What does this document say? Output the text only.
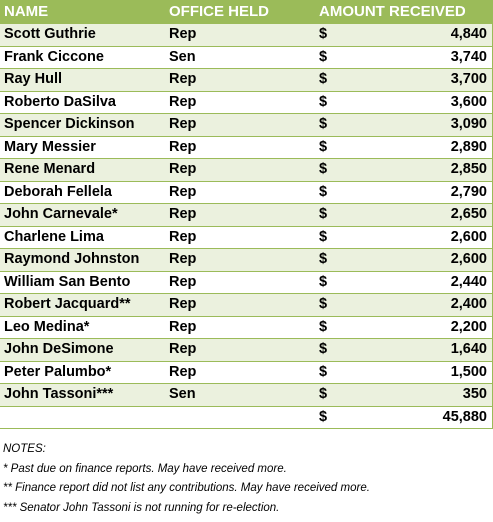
NAME	OFFICE HELD	AMOUNT RECEIVED	
Scott Guthrie	Rep	$	4,840
Frank Ciccone	Sen	$	3,740
Ray Hull	Rep	$	3,700
Roberto DaSilva	Rep	$	3,600
Spencer Dickinson	Rep	$	3,090
Mary Messier	Rep	$	2,890
Rene Menard	Rep	$	2,850
Deborah Fellela	Rep	$	2,790
John Carnevale*	Rep	$	2,650
Charlene Lima	Rep	$	2,600
Raymond Johnston	Rep	$	2,600
William San Bento	Rep	$	2,440
Robert Jacquard**	Rep	$	2,400
Leo Medina*	Rep	$	2,200
John DeSimone	Rep	$	1,640
Peter Palumbo*	Rep	$	1,500
John Tassoni***	Sen	$	350
		$	45,880
NOTES:
* Past due on finance reports. May have received more.
** Finance report did not list any contributions. May have received more.
*** Senator John Tassoni is not running for re-election.
